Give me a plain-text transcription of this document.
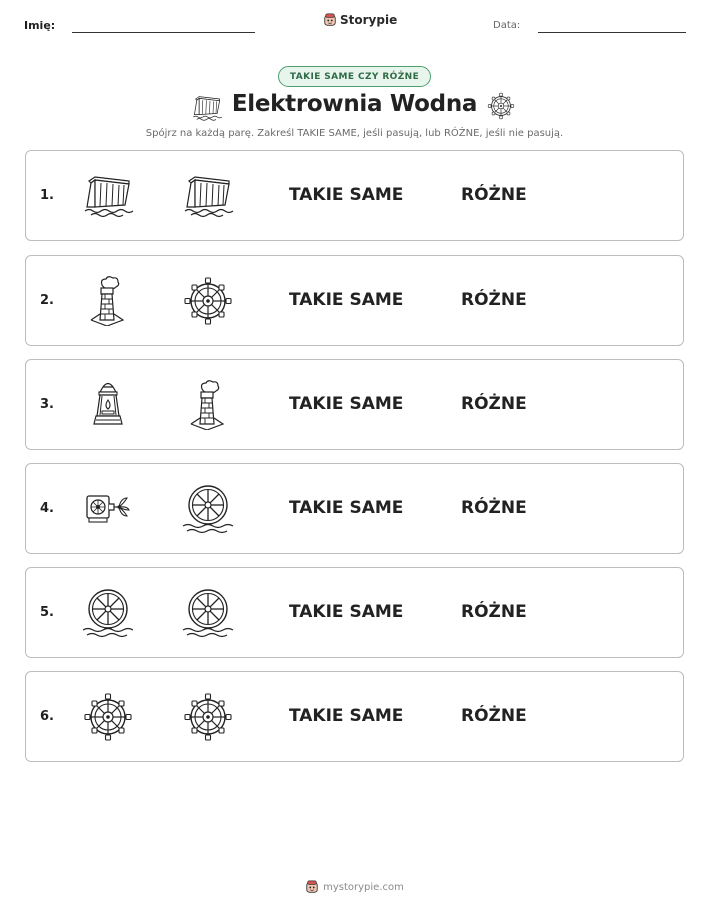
Imię:	Storypie	Data:
TAKIE SAME CZY RÓŻNE
Elektrownia Wodna
Spójrz na każdą parę. Zakreśl TAKIE SAME, jeśli pasują, lub RÓŻNE, jeśli nie pasują.
1.	TAKIE SAME	RÓŻNE
2.	TAKIE SAME	RÓŻNE
3.	TAKIE SAME	RÓŻNE
4.	TAKIE SAME	RÓŻNE
5.	TAKIE SAME	RÓŻNE
6.	TAKIE SAME	RÓŻNE
mystorypie.com
